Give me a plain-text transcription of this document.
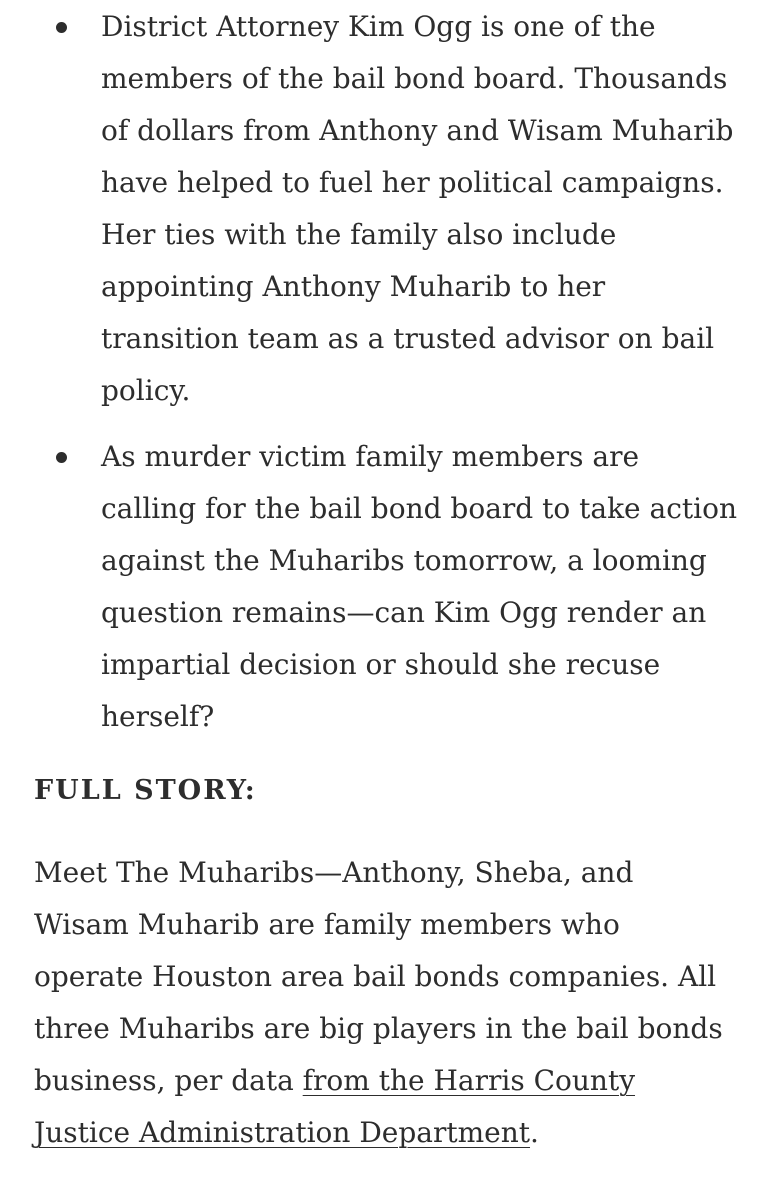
District Attorney Kim Ogg is one of the members of the bail bond board. Thousands of dollars from Anthony and Wisam Muharib have helped to fuel her political campaigns. Her ties with the family also include appointing Anthony Muharib to her transition team as a trusted advisor on bail policy.
As murder victim family members are calling for the bail bond board to take action against the Muharibs tomorrow, a looming question remains—can Kim Ogg render an impartial decision or should she recuse herself?
FULL STORY:

Meet The Muharibs—Anthony, Sheba, and Wisam Muharib are family members who operate Houston area bail bonds companies. All three Muharibs are big players in the bail bonds business, per data from the Harris County Justice Administration Department.
